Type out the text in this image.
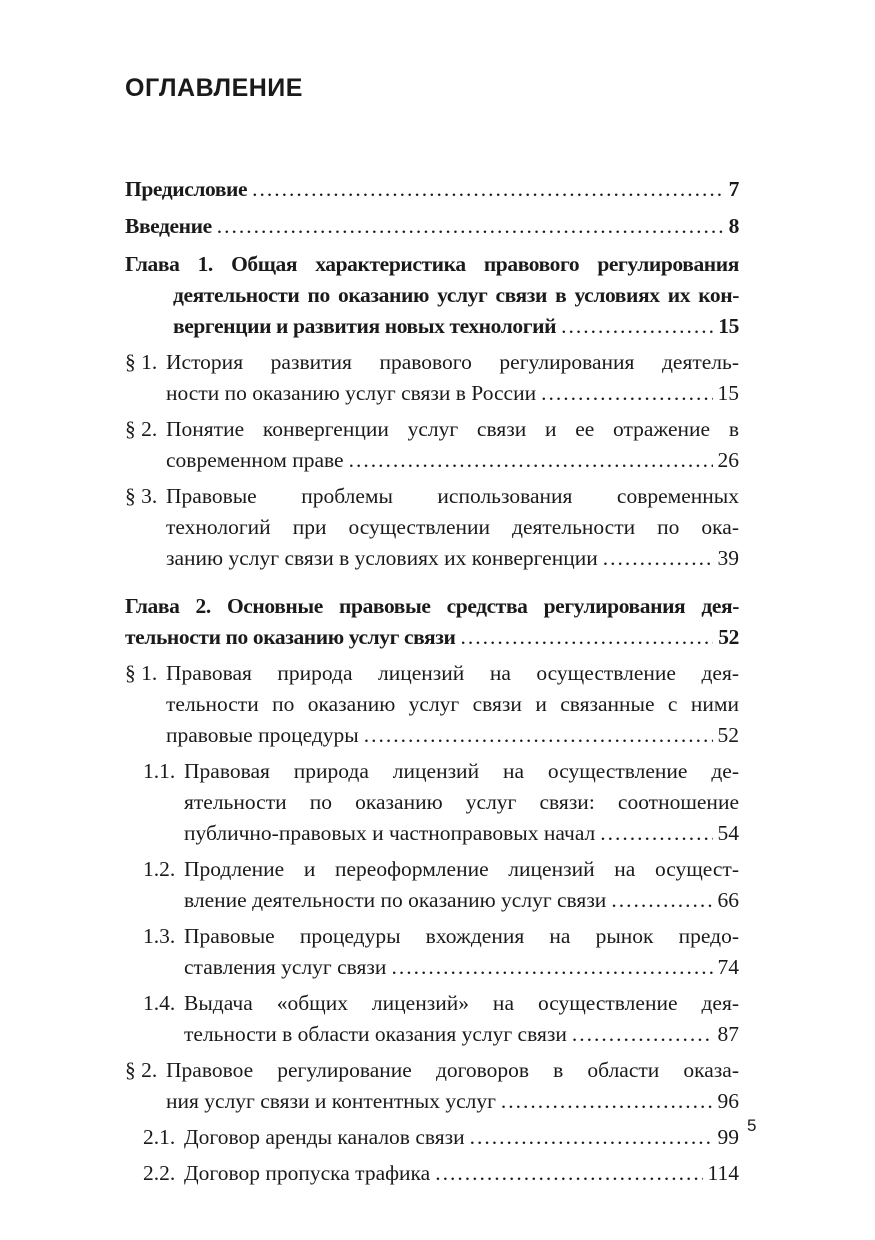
ОГЛАВЛЕНИЕ
Предисловие .....	7
Введение .....	8
Глава 1. Общая характеристика правового регулирования
деятельности по оказанию услуг связи в условиях их кон-
вергенции и развития новых технологий .....	15
§ 1. История развития правового регулирования деятель-
ности по оказанию услуг связи в России .....	15
§ 2. Понятие конвергенции услуг связи и ее отражение в
современном праве .....	26
§ 3. Правовые проблемы использования современных
технологий при осуществлении деятельности по ока-
занию услуг связи в условиях их конвергенции .....	39
Глава 2. Основные правовые средства регулирования дея-
тельности по оказанию услуг связи .....	52
§ 1. Правовая природа лицензий на осуществление дея-
тельности по оказанию услуг связи и связанные с ними
правовые процедуры .....	52
1.1. Правовая природа лицензий на осуществление де-
ятельности по оказанию услуг связи: соотношение
публично-правовых и частноправовых начал .....	54
1.2. Продление и переоформление лицензий на осущест-
вление деятельности по оказанию услуг связи .....	66
1.3. Правовые процедуры вхождения на рынок предо-
ставления услуг связи .....	74
1.4. Выдача «общих лицензий» на осуществление дея-
тельности в области оказания услуг связи .....	87
§ 2. Правовое регулирование договоров в области оказа-
ния услуг связи и контентных услуг .....	96
2.1. Договор аренды каналов связи .....	99
2.2. Договор пропуска трафика .....	114
5
